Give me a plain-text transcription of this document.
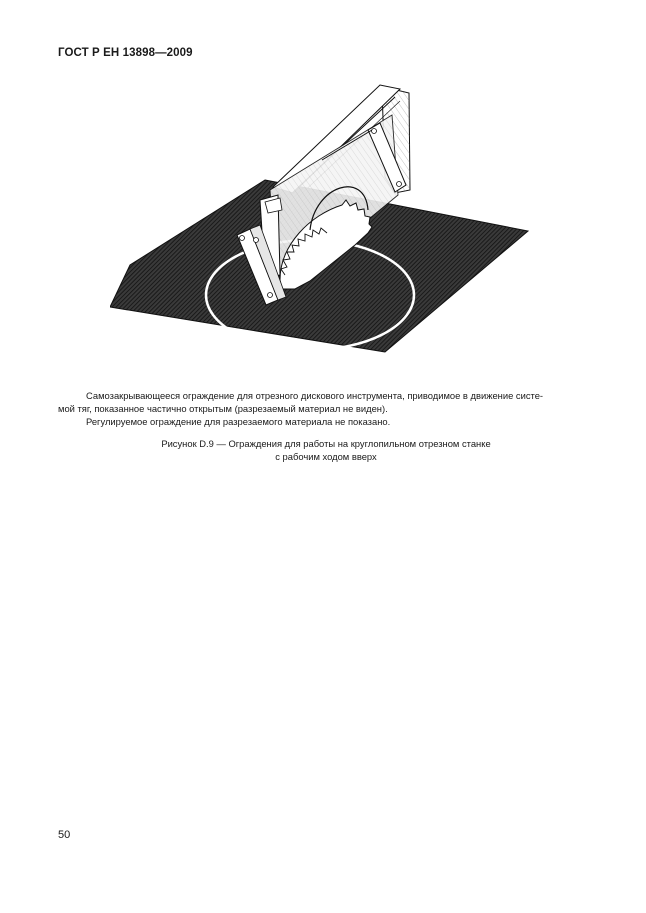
ГОСТ Р ЕН 13898—2009

Самозакрывающееся ограждение для отрезного дискового инструмента, приводимое в движение систе-

мой тяг, показанное частично открытым (разрезаемый материал не виден).

Регулируемое ограждение для разрезаемого материала не показано.

Рисунок D.9 — Ограждения для работы на круглопильном отрезном станке
с рабочим ходом вверх
50
